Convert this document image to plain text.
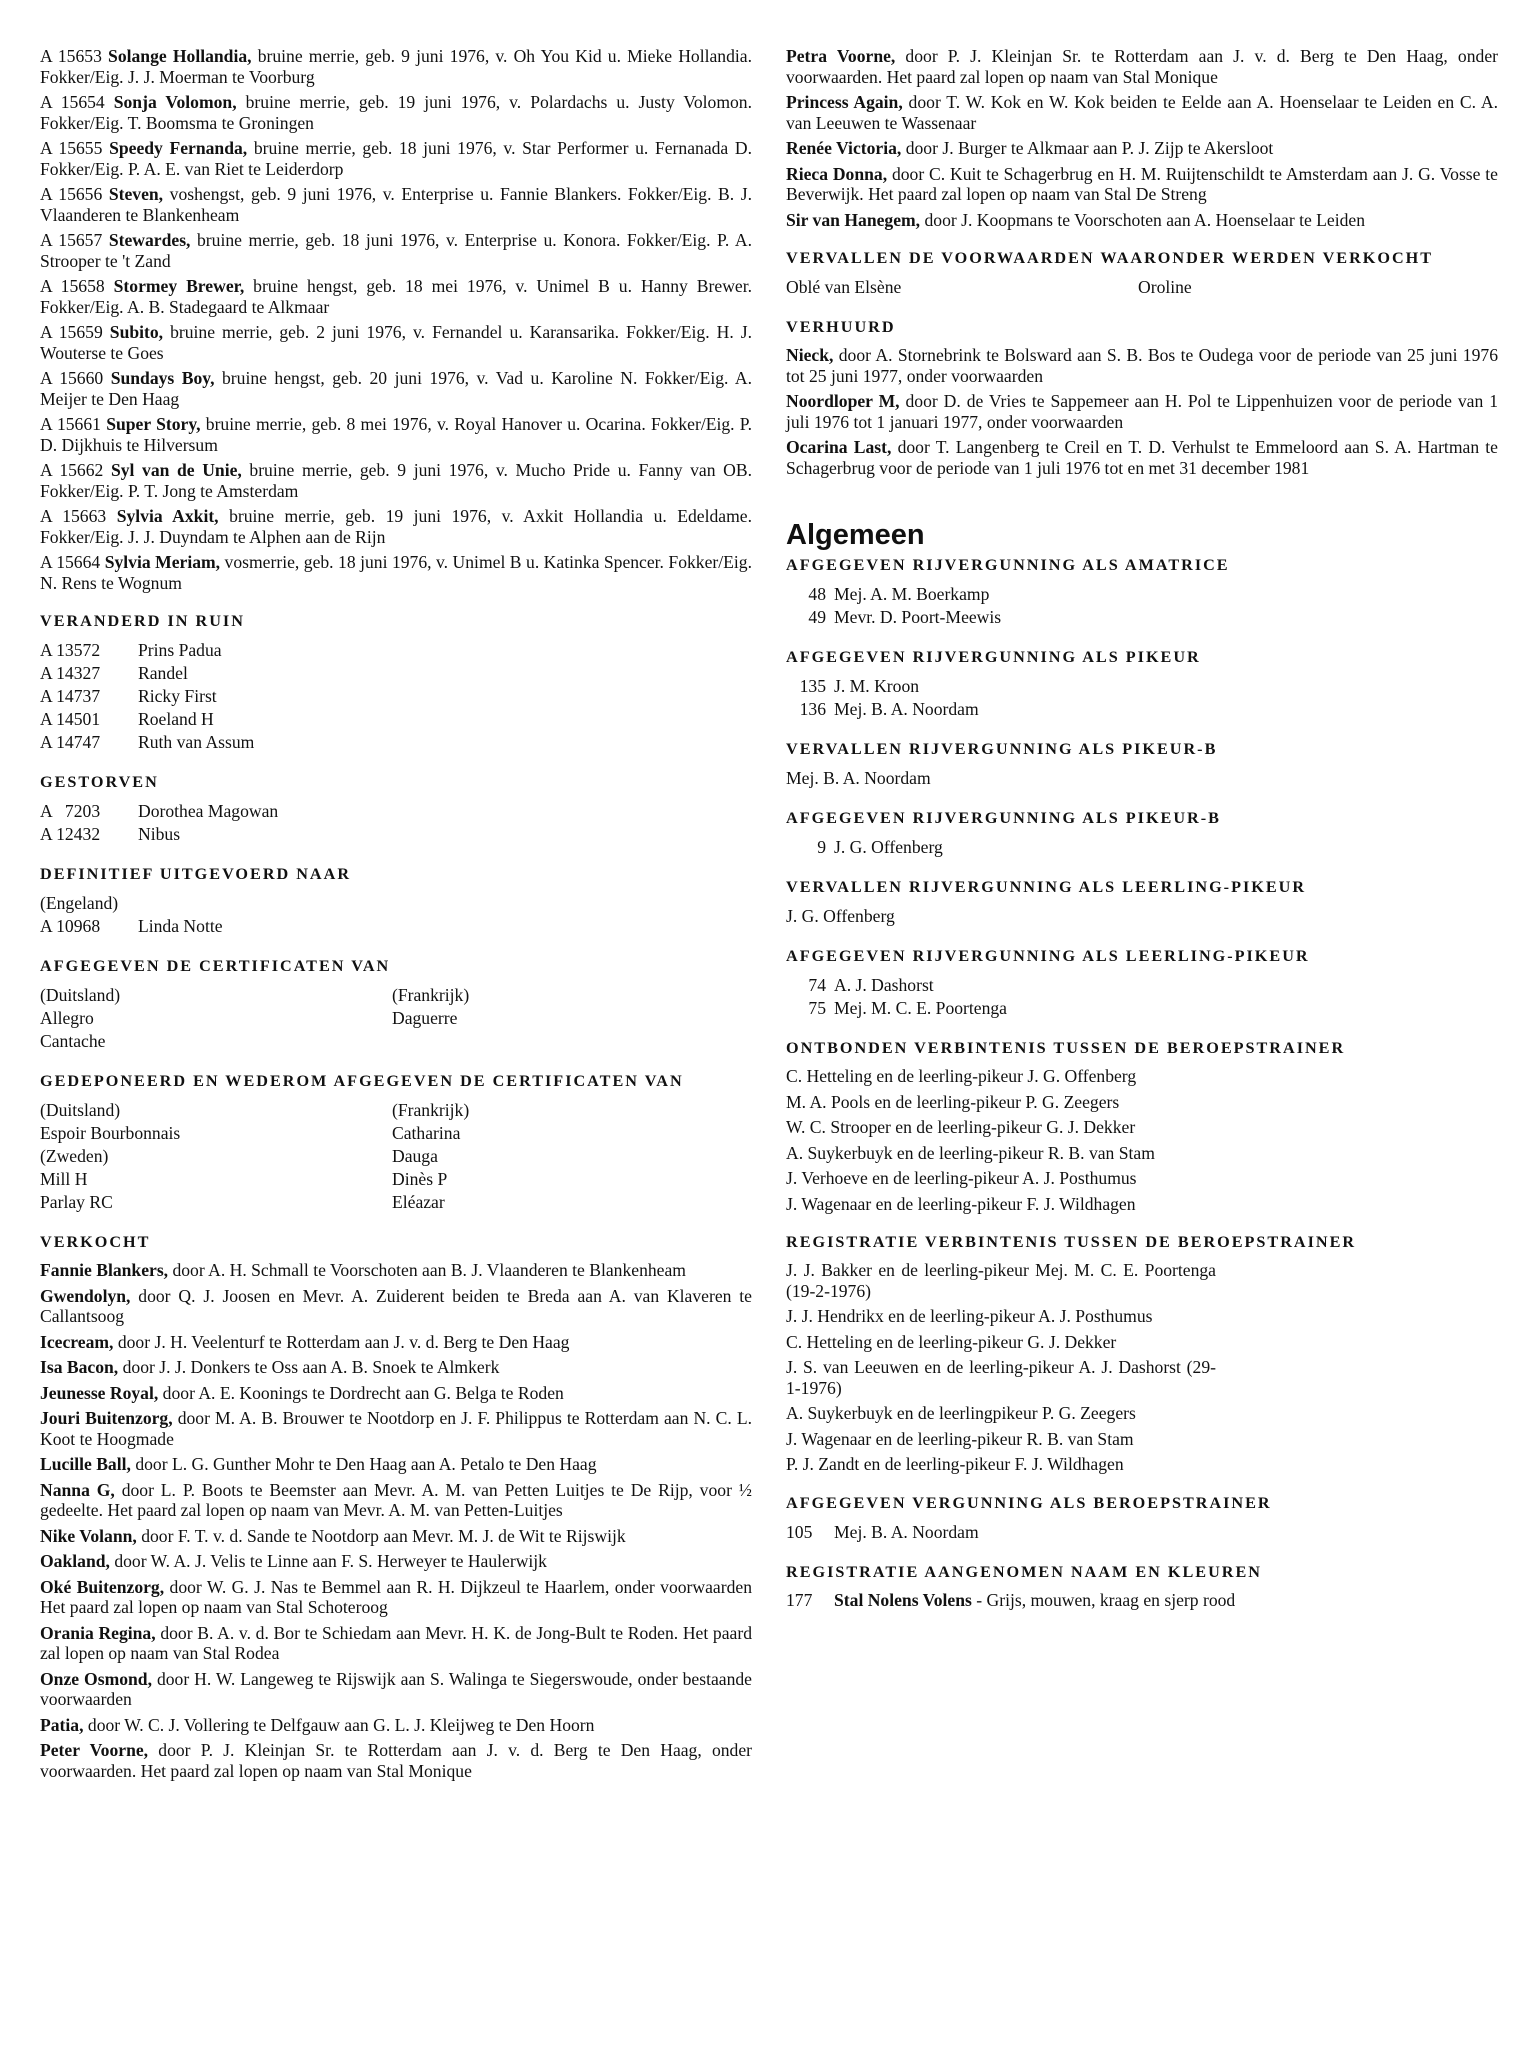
A 15653 Solange Hollandia, bruine merrie, geb. 9 juni 1976, v. Oh You Kid u. Mieke Hollandia. Fokker/Eig. J. J. Moerman te Voorburg
A 15654 Sonja Volomon, bruine merrie, geb. 19 juni 1976, v. Polardachs u. Justy Volomon. Fokker/Eig. T. Boomsma te Groningen
A 15655 Speedy Fernanda, bruine merrie, geb. 18 juni 1976, v. Star Performer u. Fernanada D. Fokker/Eig. P. A. E. van Riet te Leiderdorp
A 15656 Steven, voshengst, geb. 9 juni 1976, v. Enterprise u. Fannie Blankers. Fokker/Eig. B. J. Vlaanderen te Blankenheam
A 15657 Stewardes, bruine merrie, geb. 18 juni 1976, v. Enterprise u. Konora. Fokker/Eig. P. A. Strooper te 't Zand
A 15658 Stormey Brewer, bruine hengst, geb. 18 mei 1976, v. Unimel B u. Hanny Brewer. Fokker/Eig. A. B. Stadegaard te Alkmaar
A 15659 Subito, bruine merrie, geb. 2 juni 1976, v. Fernandel u. Karansarika. Fokker/Eig. H. J. Wouterse te Goes
A 15660 Sundays Boy, bruine hengst, geb. 20 juni 1976, v. Vad u. Karoline N. Fokker/Eig. A. Meijer te Den Haag
A 15661 Super Story, bruine merrie, geb. 8 mei 1976, v. Royal Hanover u. Ocarina. Fokker/Eig. P. D. Dijkhuis te Hilversum
A 15662 Syl van de Unie, bruine merrie, geb. 9 juni 1976, v. Mucho Pride u. Fanny van OB. Fokker/Eig. P. T. Jong te Amsterdam
A 15663 Sylvia Axkit, bruine merrie, geb. 19 juni 1976, v. Axkit Hollandia u. Edeldame. Fokker/Eig. J. J. Duyndam te Alphen aan de Rijn
A 15664 Sylvia Meriam, vosmerrie, geb. 18 juni 1976, v. Unimel B u. Katinka Spencer. Fokker/Eig. N. Rens te Wognum
VERANDERD IN RUIN
A 13572	Prins Padua
A 14327	Randel
A 14737	Ricky First
A 14501	Roeland H
A 14747	Ruth van Assum
GESTORVEN
A   7203	Dorothea Magowan
A 12432	Nibus
DEFINITIEF UITGEVOERD NAAR
(Engeland)
A 10968	Linda Notte
AFGEGEVEN DE CERTIFICATEN VAN
(Duitsland)	(Frankrijk)
Allegro	Daguerre
Cantache
GEDEPONEERD EN WEDEROM AFGEGEVEN DE CERTIFICATEN VAN
(Duitsland)	(Frankrijk)
Espoir Bourbonnais	Catharina
(Zweden)	Dauga
Mill H	Dinès P
Parlay RC	Eléazar
VERKOCHT
Fannie Blankers, door A. H. Schmall te Voorschoten aan B. J. Vlaanderen te Blankenheam
Gwendolyn, door Q. J. Joosen en Mevr. A. Zuiderent beiden te Breda aan A. van Klaveren te Callantsoog
Icecream, door J. H. Veelenturf te Rotterdam aan J. v. d. Berg te Den Haag
Isa Bacon, door J. J. Donkers te Oss aan A. B. Snoek te Almkerk
Jeunesse Royal, door A. E. Koonings te Dordrecht aan G. Belga te Roden
Jouri Buitenzorg, door M. A. B. Brouwer te Nootdorp en J. F. Philippus te Rotterdam aan N. C. L. Koot te Hoogmade
Lucille Ball, door L. G. Gunther Mohr te Den Haag aan A. Petalo te Den Haag
Nanna G, door L. P. Boots te Beemster aan Mevr. A. M. van Petten Luitjes te De Rijp, voor ½ gedeelte. Het paard zal lopen op naam van Mevr. A. M. van Petten-Luitjes
Nike Volann, door F. T. v. d. Sande te Nootdorp aan Mevr. M. J. de Wit te Rijswijk
Oakland, door W. A. J. Velis te Linne aan F. S. Herweyer te Haulerwijk
Oké Buitenzorg, door W. G. J. Nas te Bemmel aan R. H. Dijkzeul te Haarlem, onder voorwaarden Het paard zal lopen op naam van Stal Schoteroog
Orania Regina, door B. A. v. d. Bor te Schiedam aan Mevr. H. K. de Jong-Bult te Roden. Het paard zal lopen op naam van Stal Rodea
Onze Osmond, door H. W. Langeweg te Rijswijk aan S. Walinga te Siegerswoude, onder bestaande voorwaarden
Patia, door W. C. J. Vollering te Delfgauw aan G. L. J. Kleijweg te Den Hoorn
Peter Voorne, door P. J. Kleinjan Sr. te Rotterdam aan J. v. d. Berg te Den Haag, onder voorwaarden. Het paard zal lopen op naam van Stal Monique
Petra Voorne, door P. J. Kleinjan Sr. te Rotterdam aan J. v. d. Berg te Den Haag, onder voorwaarden. Het paard zal lopen op naam van Stal Monique
Princess Again, door T. W. Kok en W. Kok beiden te Eelde aan A. Hoenselaar te Leiden en C. A. van Leeuwen te Wassenaar
Renée Victoria, door J. Burger te Alkmaar aan P. J. Zijp te Akersloot
Rieca Donna, door C. Kuit te Schagerbrug en H. M. Ruijtenschildt te Amsterdam aan J. G. Vosse te Beverwijk. Het paard zal lopen op naam van Stal De Streng
Sir van Hanegem, door J. Koopmans te Voorschoten aan A. Hoenselaar te Leiden
VERVALLEN DE VOORWAARDEN WAARONDER WERDEN VERKOCHT
Oblé van Elsène	Oroline
VERHUURD
Nieck, door A. Stornebrink te Bolsward aan S. B. Bos te Oudega voor de periode van 25 juni 1976 tot 25 juni 1977, onder voorwaarden
Noordloper M, door D. de Vries te Sappemeer aan H. Pol te Lippenhuizen voor de periode van 1 juli 1976 tot 1 januari 1977, onder voorwaarden
Ocarina Last, door T. Langenberg te Creil en T. D. Verhulst te Emmeloord aan S. A. Hartman te Schagerbrug voor de periode van 1 juli 1976 tot en met 31 december 1981
Algemeen
AFGEGEVEN RIJVERGUNNING ALS AMATRICE
48 Mej. A. M. Boerkamp
49 Mevr. D. Poort-Meewis
AFGEGEVEN RIJVERGUNNING ALS PIKEUR
135 J. M. Kroon
136 Mej. B. A. Noordam
VERVALLEN RIJVERGUNNING ALS PIKEUR-B
Mej. B. A. Noordam
AFGEGEVEN RIJVERGUNNING ALS PIKEUR-B
9 J. G. Offenberg
VERVALLEN RIJVERGUNNING ALS LEERLING-PIKEUR
J. G. Offenberg
AFGEGEVEN RIJVERGUNNING ALS LEERLING-PIKEUR
74 A. J. Dashorst
75 Mej. M. C. E. Poortenga
ONTBONDEN VERBINTENIS TUSSEN DE BEROEPSTRAINER
C. Hetteling en de leerling-pikeur J. G. Offenberg
M. A. Pools en de leerling-pikeur P. G. Zeegers
W. C. Strooper en de leerling-pikeur G. J. Dekker
A. Suykerbuyk en de leerling-pikeur R. B. van Stam
J. Verhoeve en de leerling-pikeur A. J. Posthumus
J. Wagenaar en de leerling-pikeur F. J. Wildhagen
REGISTRATIE VERBINTENIS TUSSEN DE BEROEPSTRAINER
J. J. Bakker en de leerling-pikeur Mej. M. C. E. Poortenga (19-2-1976)
J. J. Hendrikx en de leerling-pikeur A. J. Posthumus
C. Hetteling en de leerling-pikeur G. J. Dekker
J. S. van Leeuwen en de leerling-pikeur A. J. Dashorst (29-1-1976)
A. Suykerbuyk en de leerlingpikeur P. G. Zeegers
J. Wagenaar en de leerling-pikeur R. B. van Stam
P. J. Zandt en de leerling-pikeur F. J. Wildhagen
AFGEGEVEN VERGUNNING ALS BEROEPSTRAINER
105	Mej. B. A. Noordam
REGISTRATIE AANGENOMEN NAAM EN KLEUREN
177 Stal Nolens Volens - Grijs, mouwen, kraag en sjerp rood
